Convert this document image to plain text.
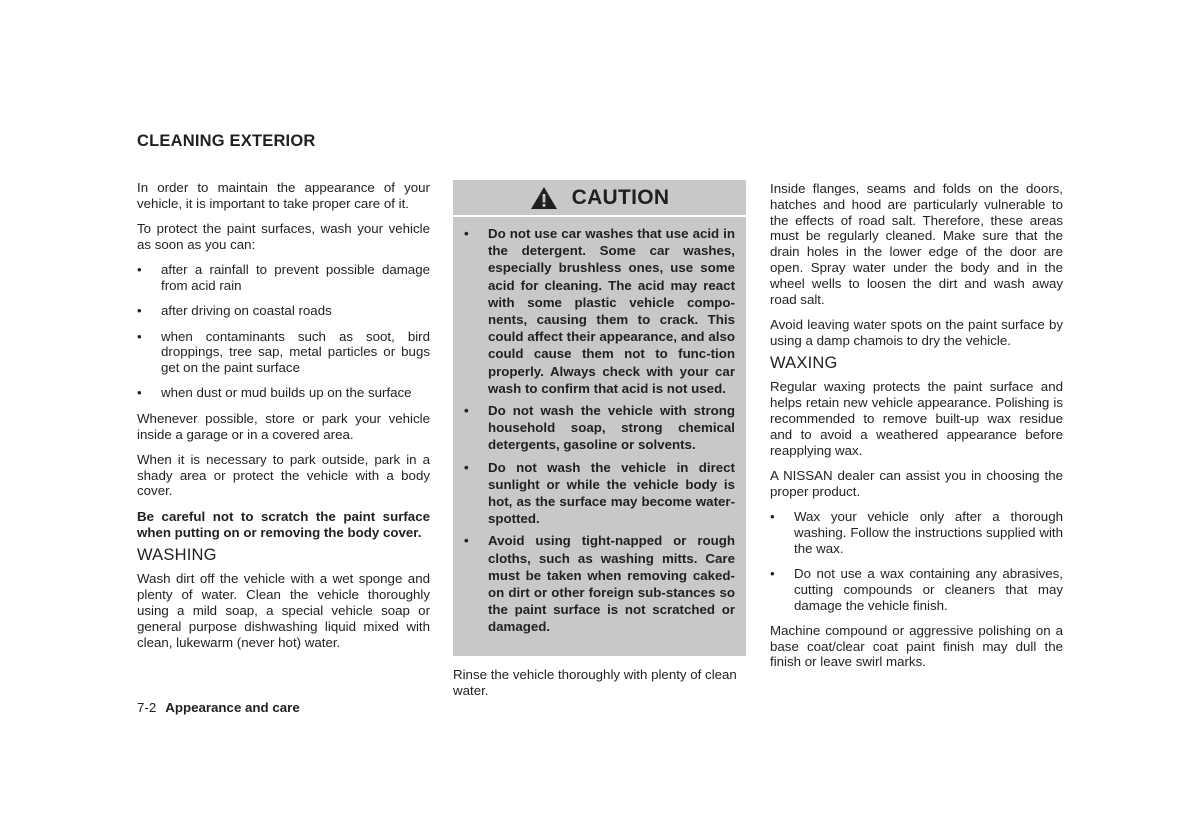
CLEANING EXTERIOR

In order to maintain the appearance of your vehicle, it is important to take proper care of it.

To protect the paint surfaces, wash your vehicle as soon as you can:

• after a rainfall to prevent possible damage from acid rain
• after driving on coastal roads
• when contaminants such as soot, bird droppings, tree sap, metal particles or bugs get on the paint surface
• when dust or mud builds up on the surface

Whenever possible, store or park your vehicle inside a garage or in a covered area.

When it is necessary to park outside, park in a shady area or protect the vehicle with a body cover.

Be careful not to scratch the paint surface when putting on or removing the body cover.

WASHING

Wash dirt off the vehicle with a wet sponge and plenty of water. Clean the vehicle thoroughly using a mild soap, a special vehicle soap or general purpose dishwashing liquid mixed with clean, lukewarm (never hot) water.

CAUTION
• Do not use car washes that use acid in the detergent. Some car washes, especially brushless ones, use some acid for cleaning. The acid may react with some plastic vehicle compo-nents, causing them to crack. This could affect their appearance, and also could cause them not to func-tion properly. Always check with your car wash to confirm that acid is not used.
• Do not wash the vehicle with strong household soap, strong chemical detergents, gasoline or solvents.
• Do not wash the vehicle in direct sunlight or while the vehicle body is hot, as the surface may become water-spotted.
• Avoid using tight-napped or rough cloths, such as washing mitts. Care must be taken when removing caked-on dirt or other foreign sub-stances so the paint surface is not scratched or damaged.
Rinse the vehicle thoroughly with plenty of clean water.

Inside flanges, seams and folds on the doors, hatches and hood are particularly vulnerable to the effects of road salt. Therefore, these areas must be regularly cleaned. Make sure that the drain holes in the lower edge of the door are open. Spray water under the body and in the wheel wells to loosen the dirt and wash away road salt.

Avoid leaving water spots on the paint surface by using a damp chamois to dry the vehicle.

WAXING

Regular waxing protects the paint surface and helps retain new vehicle appearance. Polishing is recommended to remove built-up wax residue and to avoid a weathered appearance before reapplying wax.

A NISSAN dealer can assist you in choosing the proper product.

• Wax your vehicle only after a thorough washing. Follow the instructions supplied with the wax.
• Do not use a wax containing any abrasives, cutting compounds or cleaners that may damage the vehicle finish.

Machine compound or aggressive polishing on a base coat/clear coat paint finish may dull the finish or leave swirl marks.

7-2 Appearance and care
